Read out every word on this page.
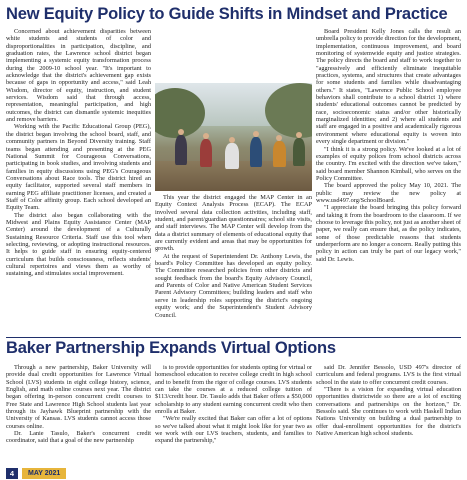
New Equity Policy to Guide Shifts in Mindset and Practice

Concerned about achievement disparities between white students and students of color and disproportionalities in participation, discipline, and graduation rates, the Lawrence school district began implementing a systemic equity transformation process during the 2009-10 school year. "It's important to acknowledge that the district's achievement gap exists because of gaps in opportunity and access," said Leah Wisdom, director of equity, instruction, and student services. Wisdom said that through access, representation, meaningful participation, and high outcomes, the district can dismantle systemic inequities and remove barriers.

Working with the Pacific Educational Group (PEG), the district began involving the school board, staff, and community partners in Beyond Diversity training. Staff teams began attending and presenting at the PEG National Summit for Courageous Conversations, participating in book studies, and involving students and families in equity discussions using PEG's Courageous Conversations about Race tools. The district hired an equity facilitator, supported several staff members in earning PEG affiliate practitioner licenses, and created a Staff of Color affinity group. Each school developed an Equity Team.

The district also began collaborating with the Midwest and Plains Equity Assistance Center (MAP Center) around the development of a Culturally Sustaining Resource Criteria. Staff use this tool when selecting, reviewing, or adopting instructional resources. It helps to guide staff in ensuring equity-centered curriculum that builds consciousness, reflects students' cultural repertoires and views them as worthy of sustaining, and stimulates social improvement.

This year the district engaged the MAP Center in an Equity Context Analysis Process (ECAP). The ECAP involved several data collection activities, including staff, student, and parent/guardian questionnaires; school site visits, and staff interviews. The MAP Center will develop from the data a district summary of elements of educational equity that are currently evident and areas that may be opportunities for growth.

At the request of Superintendent Dr. Anthony Lewis, the board's Policy Committee has developed an equity policy. The Committee researched policies from other districts and sought feedback from the board's Equity Advisory Council, and Parents of Color and Native American Student Services Parent Advisory Committees; building leaders and staff who serve in leadership roles supporting the district's ongoing equity work; and the Superintendent's Student Advisory Council.

Board President Kelly Jones calls the result an umbrella policy to provide direction for the development, implementation, continuous improvement, and board monitoring of systemwide equity and justice strategies. The policy directs the board and staff to work together to "aggressively and efficiently eliminate inequitable practices, systems, and structures that create advantages for some students and families while disadvantaging others." It states, "Lawrence Public School employee behaviors shall contribute to a school district 1) where students' educational outcomes cannot be predicted by race, socioeconomic status and/or other historically marginalized identities; and 2) where all students and staff are engaged in a positive and academically rigorous environment where educational equity is woven into every single department or division."

"I think it is a strong policy. We've looked at a lot of examples of equity polices from school districts across the country. I'm excited with the direction we've taken," said board member Shannon Kimball, who serves on the Policy Committee.

The board approved the policy May 10, 2021. The public may review the new policy at www.usd497.org/SchoolBoard.

"I appreciate the board bringing this policy forward and taking it from the boardroom to the classroom. If we choose to leverage this policy, not just as another sheet of paper, we really can ensure that, as the policy indicates, some of those predictable reasons that students underperform are no longer a concern. Really putting this policy in action can truly be part of our legacy work," said Dr. Lewis.

Baker Partnership Expands Virtual Options

Through a new partnership, Baker University will provide dual credit opportunities for Lawrence Virtual School (LVS) students in eight college history, science, English, and math online courses next year. The district began offering in-person concurrent credit courses to Free State and Lawrence High School students last year through its Jayhawk Blueprint partnership with the University of Kansas. LVS students cannot access those courses online.

Dr. Lanie Tasulo, Baker's concurrent credit coordinator, said that a goal of the new partnership

is to provide opportunities for students opting for virtual or homeschool education to receive college credit in high school and to benefit from the rigor of college courses. LVS students can take the courses at a reduced college tuition of $113/credit hour. Dr. Tasulo adds that Baker offers a $50,000 scholarship to any student earning concurrent credit who then enrolls at Baker.

"We're really excited that Baker can offer a lot of options so we've talked about what it might look like for year two as we work with our LVS teachers, students, and families to expand the partnership,"

said Dr. Jennifer Bessolo, USD 497's director of curriculum and federal programs. LVS is the first virtual school in the state to offer concurrent credit courses.

"There is a vision for expanding virtual education opportunities districtwide so there are a lot of exciting conversations and partnerships on the horizon," Dr. Bessolo said. She continues to work with Haskell Indian Nations University on building a dual partnership to offer dual-enrollment opportunities for the district's Native American high school students.

4	MAY 2021
